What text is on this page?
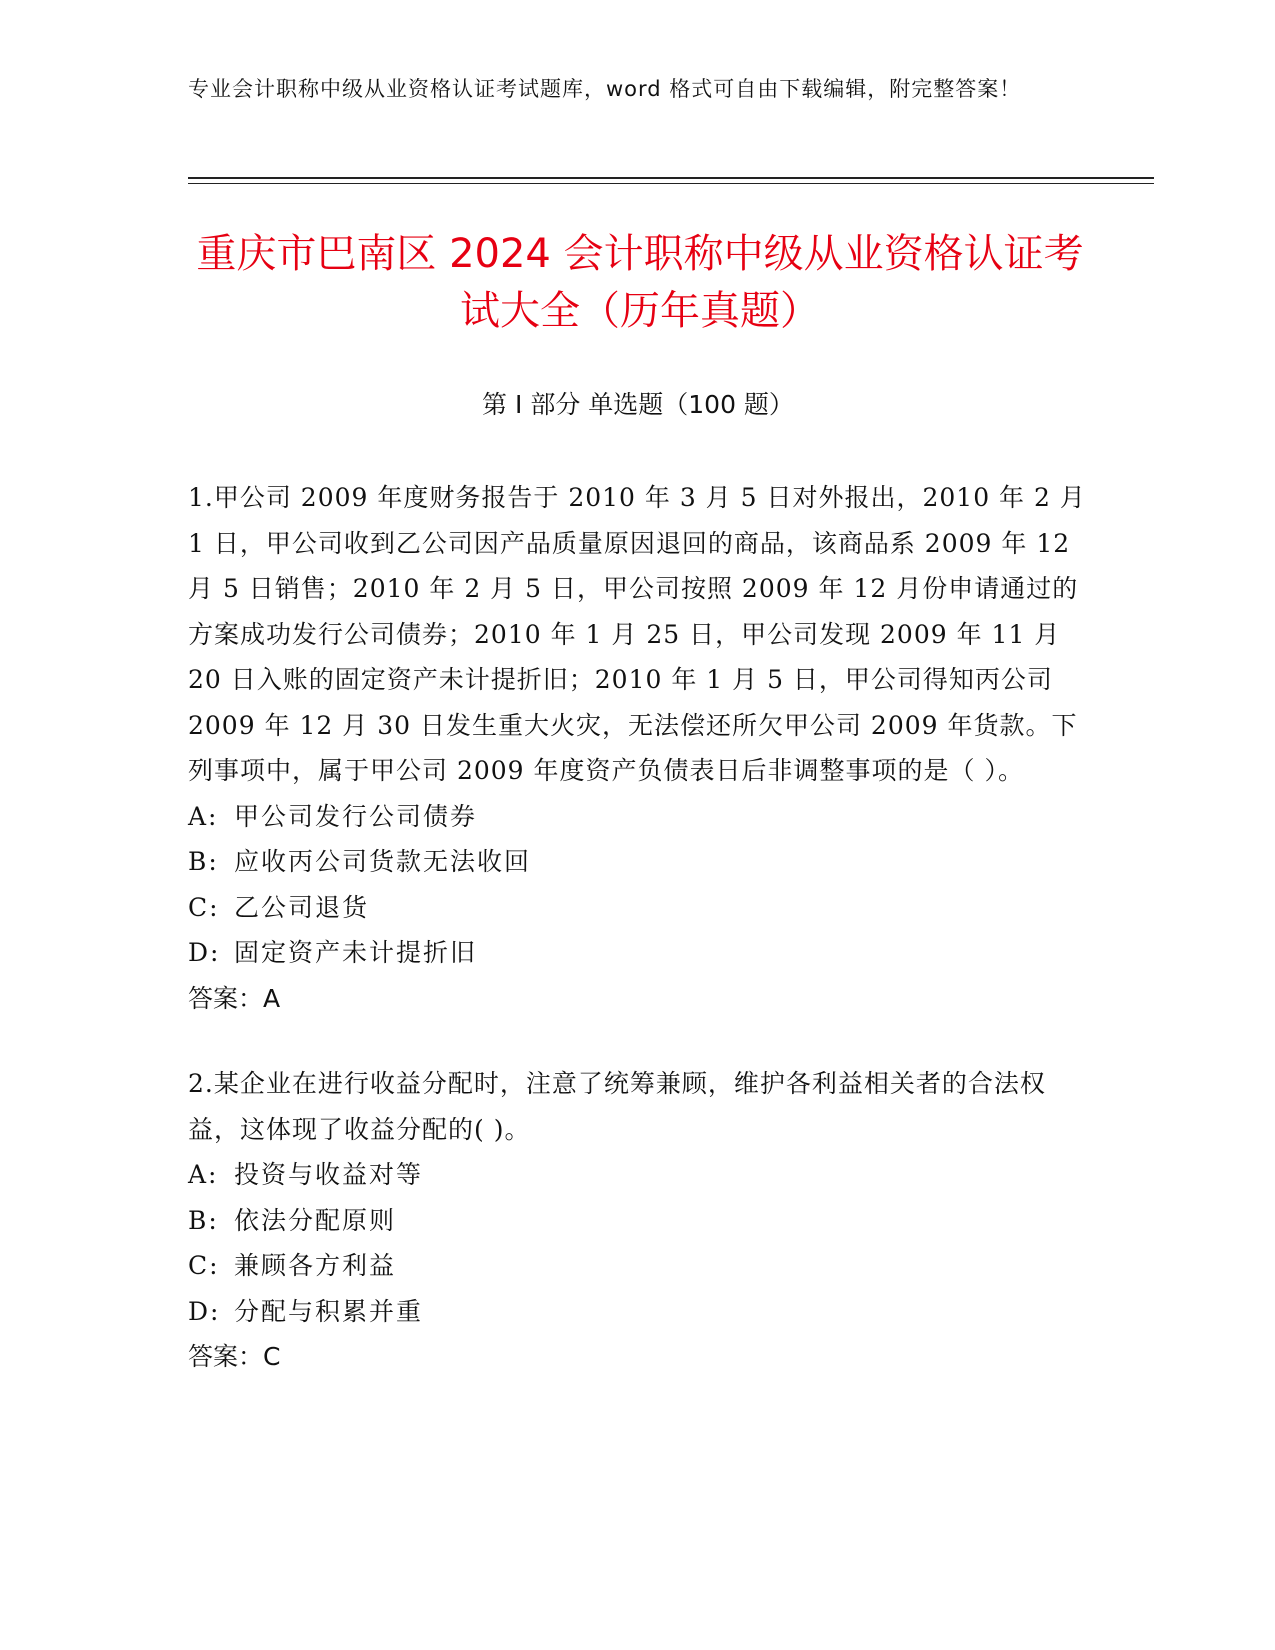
专业会计职称中级从业资格认证考试题库，word 格式可自由下载编辑，附完整答案！
重庆市巴南区 2024 会计职称中级从业资格认证考试大全（历年真题）
第 I 部分 单选题（100 题）

1.甲公司 2009 年度财务报告于 2010 年 3 月 5 日对外报出，2010 年 2 月 1 日，甲公司收到乙公司因产品质量原因退回的商品，该商品系 2009 年 12 月 5 日销售；2010 年 2 月 5 日，甲公司按照 2009 年 12 月份申请通过的方案成功发行公司债券；2010 年 1 月 25 日，甲公司发现 2009 年 11 月 20 日入账的固定资产未计提折旧；2010 年 1 月 5 日，甲公司得知丙公司 2009 年 12 月 30 日发生重大火灾，无法偿还所欠甲公司 2009 年货款。下列事项中，属于甲公司 2009 年度资产负债表日后非调整事项的是（ ）。

A: 甲公司发行公司债券

B: 应收丙公司货款无法收回

C: 乙公司退货

D: 固定资产未计提折旧

答案：A

2.某企业在进行收益分配时，注意了统筹兼顾，维护各利益相关者的合法权益，这体现了收益分配的( )。

A: 投资与收益对等

B: 依法分配原则

C: 兼顾各方利益

D: 分配与积累并重

答案：C
